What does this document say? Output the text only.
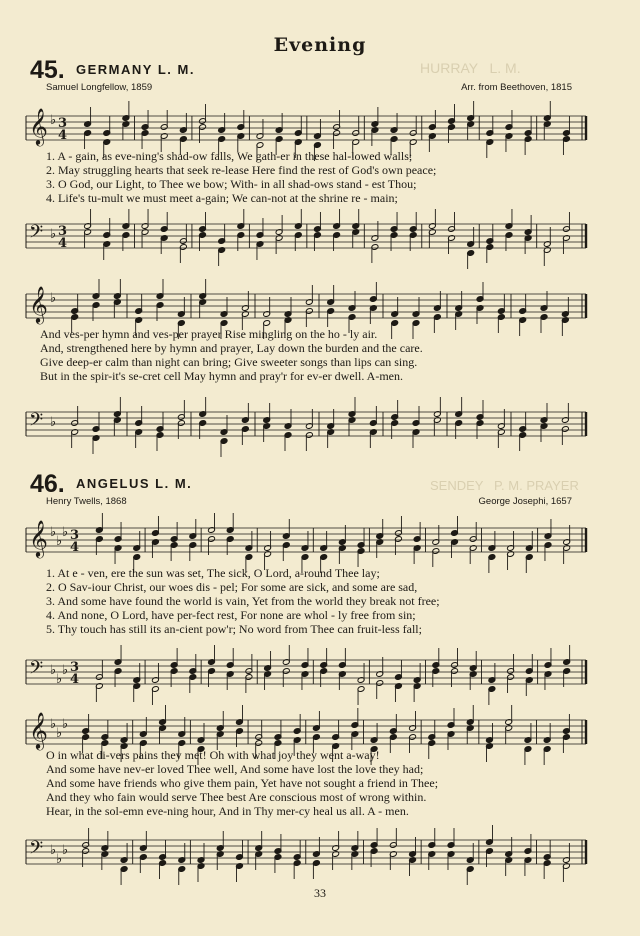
HURRAY   L. M.
SENDEY   P. M. PRAYER
Evening
45. GERMANY L. M.
Samuel Longfellow, 1859	Arr. from Beethoven, 1815
𝄞 ♭ 3
4
1. A - gain, as eve-ning's shad-ow falls, We gath-er in these hal-lowed walls;
2. May struggling hearts that seek re-lease Here find the rest of God's own peace;
3. O God, our Light, to Thee we bow; With- in all shad-ows stand - est Thou;
4. Life's tu-mult we must meet a-gain; We can-not at the shrine re - main;
𝄢 ♭ 3
4
𝄞 ♭
And ves-per hymn and ves-per prayer Rise mingling on the ho - ly air.
And, strengthened here by hymn and prayer, Lay down the burden and the care.
Give deep-er calm than night can bring; Give sweeter songs than lips can sing.
But in the spir-it's se-cret cell May hymn and pray'r for ev-er dwell. A-men.
𝄢 ♭
46. ANGELUS L. M.
Henry Twells, 1868	George Josephi, 1657
𝄞 ♭
♭
♭ 3
4
1. At e - ven, ere the sun was set, The sick, O Lord, a-round Thee lay;
2. O Sav-iour Christ, our woes dis - pel; For some are sick, and some are sad,
3. And some have found the world is vain, Yet from the world they break not free;
4. And none, O Lord, have per-fect rest, For none are whol - ly free from sin;
5. Thy touch has still its an-cient pow'r; No word from Thee can fruit-less fall;
𝄢 ♭
♭
♭ 3
4
𝄞 ♭
♭
♭
O in what di-vers pains they met! Oh with what joy they went a-way!
And some have nev-er loved Thee well, And some have lost the love they had;
And some have friends who give them pain, Yet have not sought a friend in Thee;
And they who fain would serve Thee best Are conscious most of wrong within.
Hear, in the sol-emn eve-ning hour, And in Thy mer-cy heal us all. A - men.
𝄢 ♭
♭
♭
33
